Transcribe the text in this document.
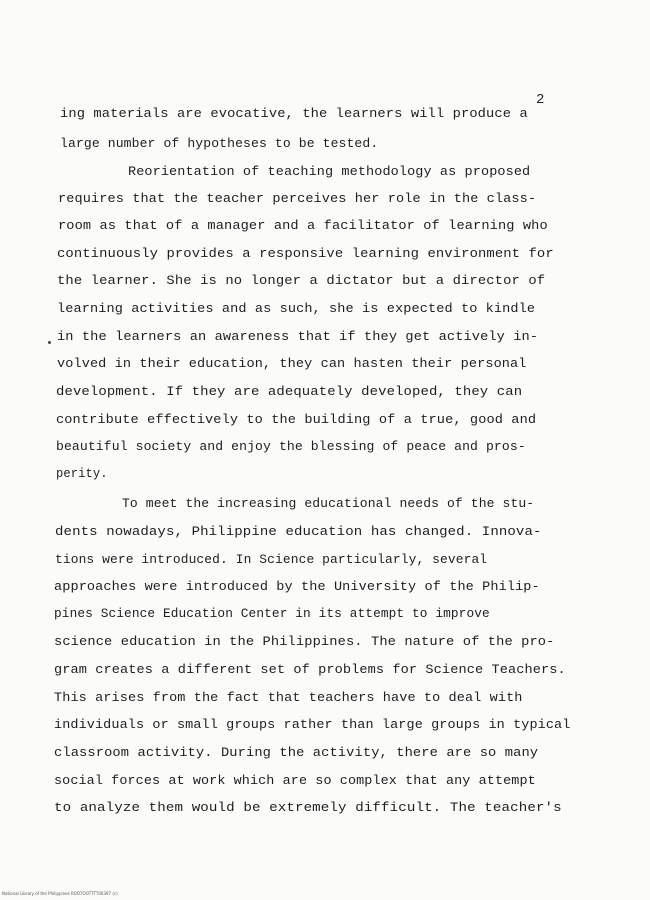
2
ing materials are evocative, the learners will produce a
large number of hypotheses to be tested.
Reorientation of teaching methodology as proposed
requires that the teacher perceives her role in the class-
room as that of a manager and a facilitator of learning who
continuously provides a responsive learning environment for
the learner. She is no longer a dictator but a director of
learning activities and as such, she is expected to kindle
in the learners an awareness that if they get actively in-
volved in their education, they can hasten their personal
development. If they are adequately developed, they can
contribute effectively to the building of a true, good and
beautiful society and enjoy the blessing of peace and pros-
perity.
To meet the increasing educational needs of the stu-
dents nowadays, Philippine education has changed. Innova-
tions were introduced. In Science particularly, several
approaches were introduced by the University of the Philip-
pines Science Education Center in its attempt to improve
science education in the Philippines. The nature of the pro-
gram creates a different set of problems for Science Teachers.
This arises from the fact that teachers have to deal with
individuals or small groups rather than large groups in typical
classroom activity. During the activity, there are so many
social forces at work which are so complex that any attempt
to analyze them would be extremely difficult. The teacher's
National Library of the Philippines ROOTOOTTTT00397 (c)
